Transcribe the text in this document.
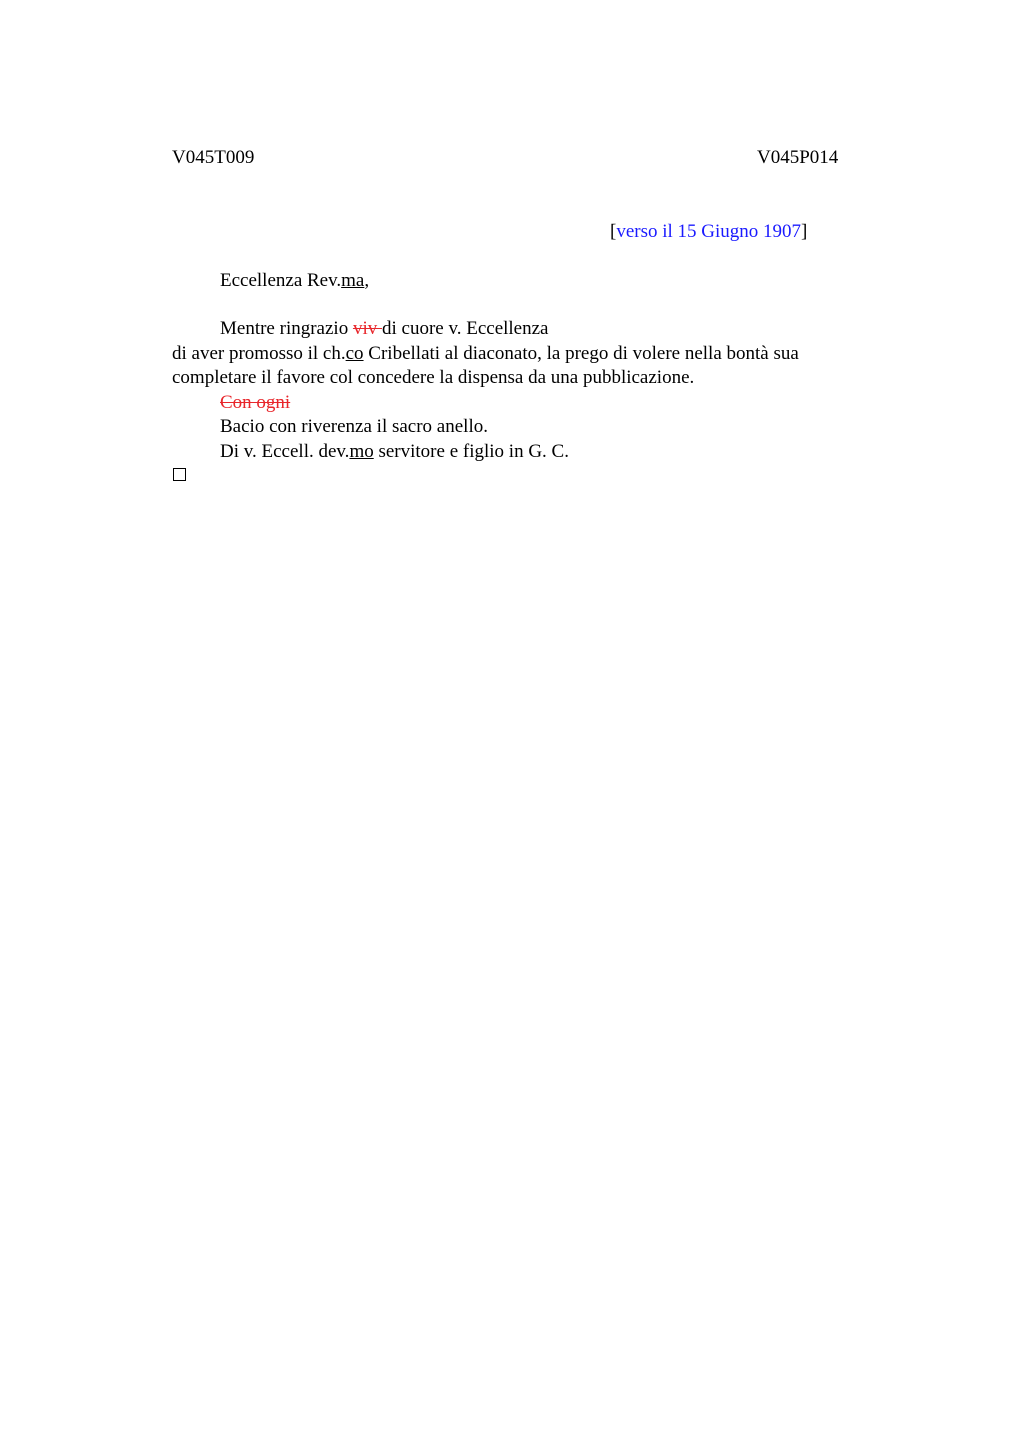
V045T009	V045P014
[verso il 15 Giugno 1907]
Eccellenza Rev.ma,
Mentre ringrazio viv di cuore v. Eccellenza
di aver promosso il ch.co Cribellati al diaconato, la prego di volere nella bontà sua
completare il favore col concedere la dispensa da una pubblicazione.
Con ogni
Bacio con riverenza il sacro anello.
Di v. Eccell. dev.mo servitore e figlio in G. C.
